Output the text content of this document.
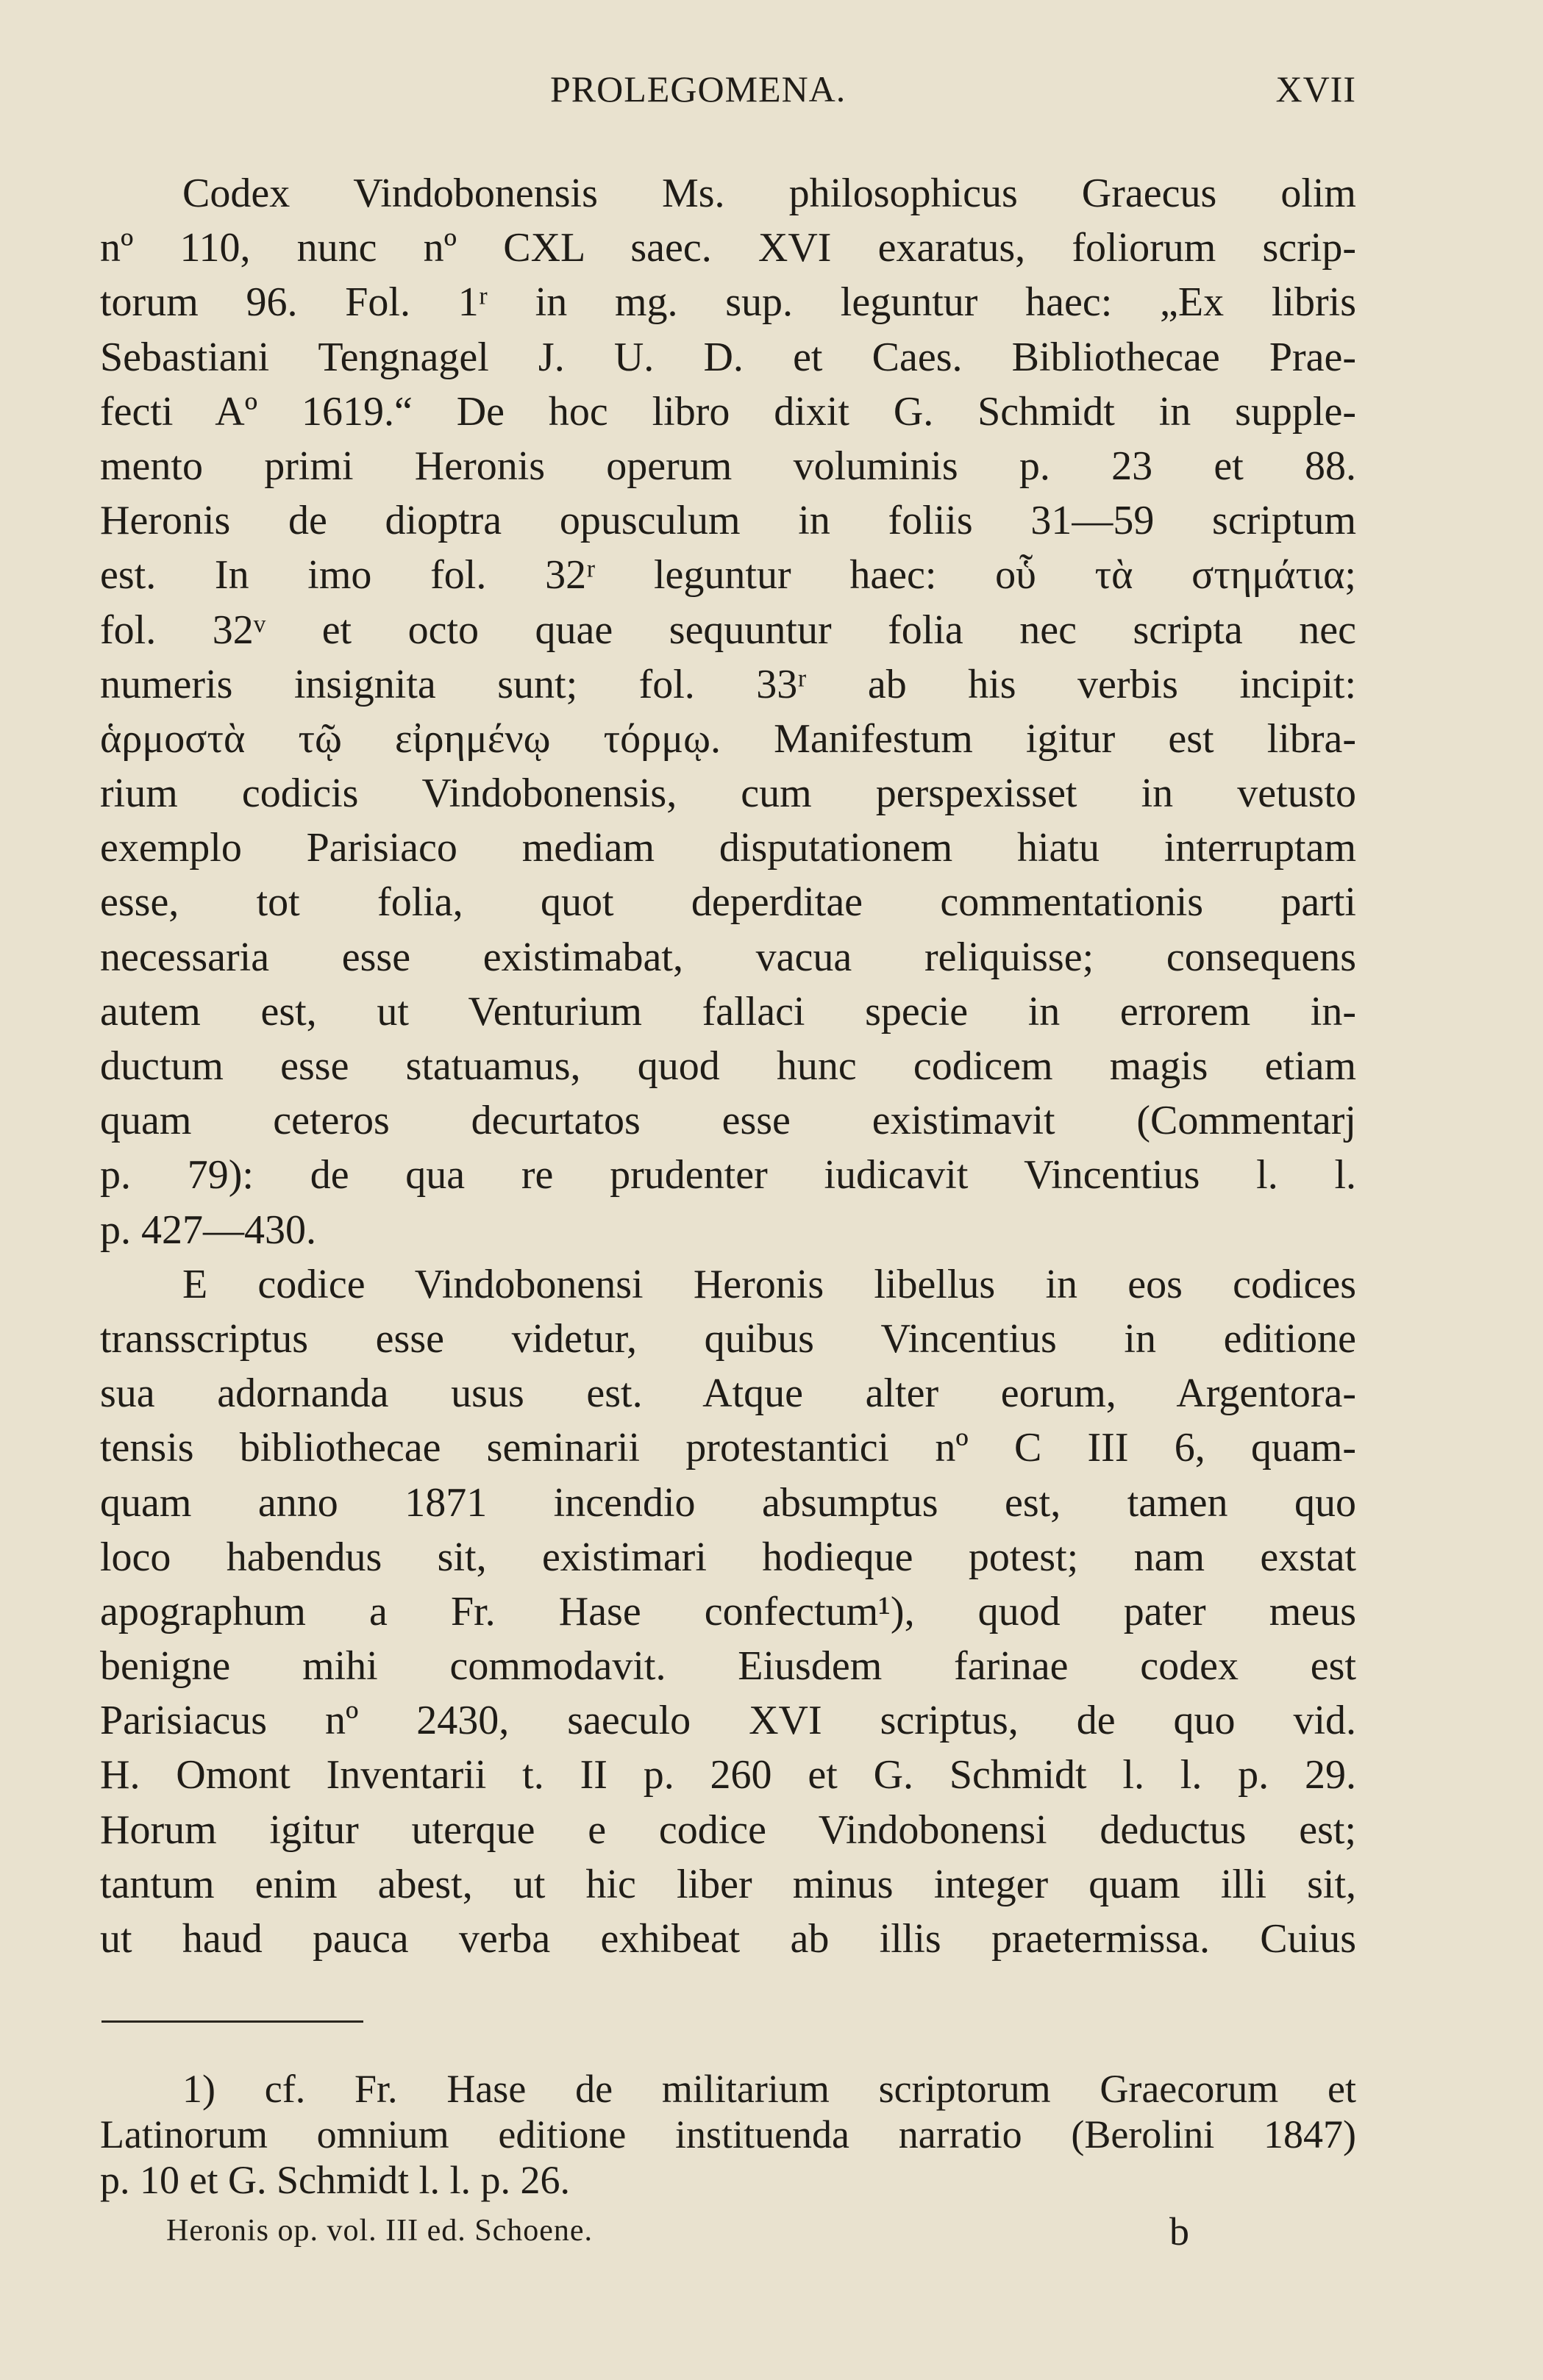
PROLEGOMENA.	XVII
Codex Vindobonensis Ms. philosophicus Graecus olim
nº 110, nunc nº CXL saec. XVI exaratus, foliorum scrip-
torum 96. Fol. 1ʳ in mg. sup. leguntur haec: „Ex libris
Sebastiani Tengnagel J. U. D. et Caes. Bibliothecae Prae-
fecti Aº 1619.“ De hoc libro dixit G. Schmidt in supple-
mento primi Heronis operum voluminis p. 23 et 88.
Heronis de dioptra opusculum in foliis 31—59 scriptum
est. In imo fol. 32ʳ leguntur haec: οὗ τὰ στημάτια;
fol. 32ᵛ et octo quae sequuntur folia nec scripta nec
numeris insignita sunt; fol. 33ʳ ab his verbis incipit:
ἁρμοστὰ τῷ εἰρημένῳ τόρμῳ. Manifestum igitur est libra-
rium codicis Vindobonensis, cum perspexisset in vetusto
exemplo Parisiaco mediam disputationem hiatu interruptam
esse, tot folia, quot deperditae commentationis parti
necessaria esse existimabat, vacua reliquisse; consequens
autem est, ut Venturium fallaci specie in errorem in-
ductum esse statuamus, quod hunc codicem magis etiam
quam ceteros decurtatos esse existimavit (Commentarj
p. 79): de qua re prudenter iudicavit Vincentius l. l.
p. 427—430.
E codice Vindobonensi Heronis libellus in eos codices
transscriptus esse videtur, quibus Vincentius in editione
sua adornanda usus est. Atque alter eorum, Argentora-
tensis bibliothecae seminarii protestantici nº C III 6, quam-
quam anno 1871 incendio absumptus est, tamen quo
loco habendus sit, existimari hodieque potest; nam exstat
apographum a Fr. Hase confectum¹), quod pater meus
benigne mihi commodavit. Eiusdem farinae codex est
Parisiacus nº 2430, saeculo XVI scriptus, de quo vid.
H. Omont Inventarii t. II p. 260 et G. Schmidt l. l. p. 29.
Horum igitur uterque e codice Vindobonensi deductus est;
tantum enim abest, ut hic liber minus integer quam illi sit,
ut haud pauca verba exhibeat ab illis praetermissa. Cuius
1) cf. Fr. Hase de militarium scriptorum Graecorum et
Latinorum omnium editione instituenda narratio (Berolini 1847)
p. 10 et G. Schmidt l. l. p. 26.
Heronis op. vol. III ed. Schoene.	b
